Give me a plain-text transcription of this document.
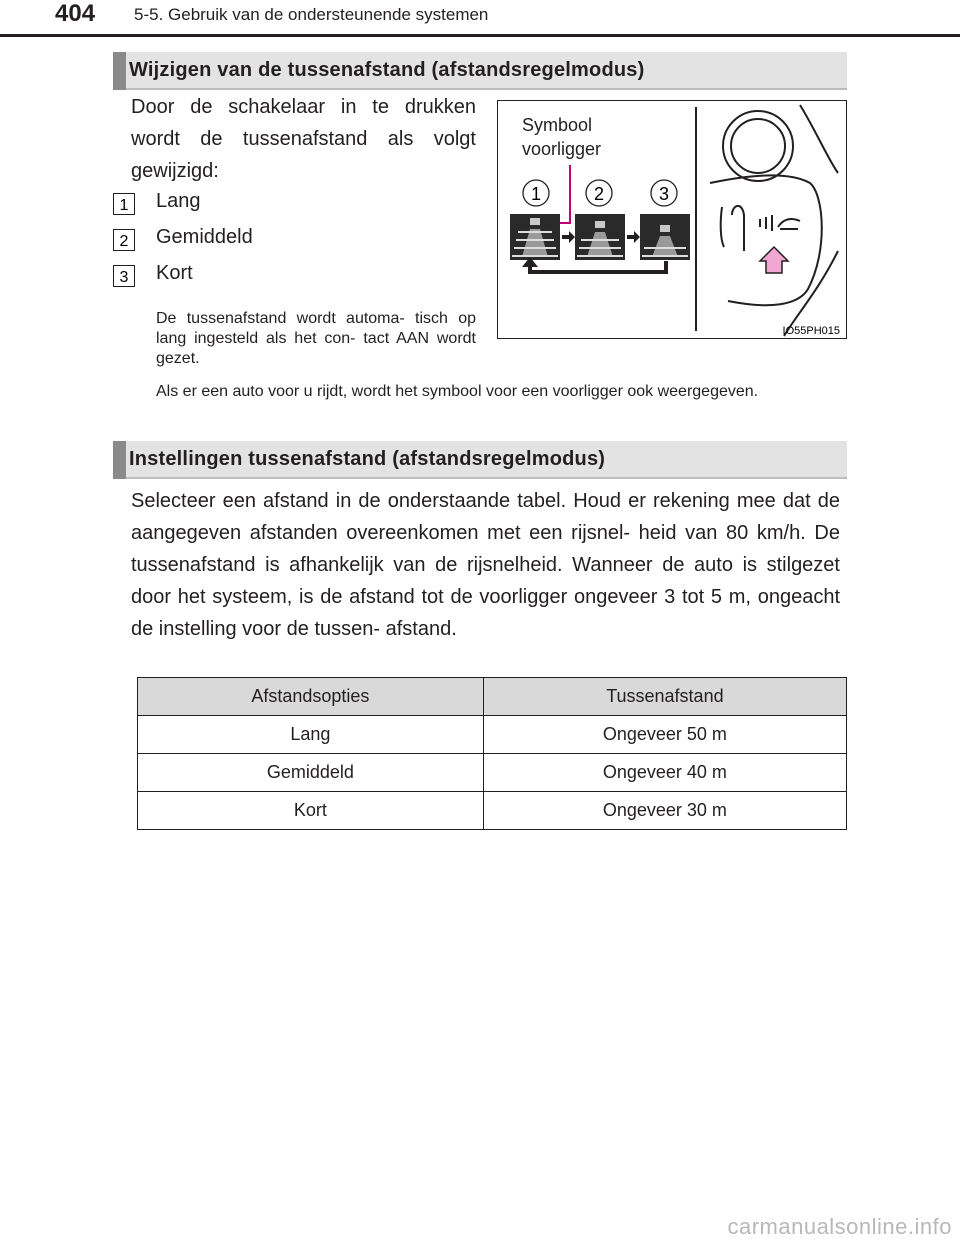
404 5-5. Gebruik van de ondersteunende systemen
Wijzigen van de tussenafstand (afstandsregelmodus)
Door de schakelaar in te drukken wordt de tussenafstand als volgt gewijzigd:
1 Lang
2 Gemiddeld
3 Kort
De tussenafstand wordt automa- tisch op lang ingesteld als het con- tact AAN wordt gezet.
Als er een auto voor u rijdt, wordt het symbool voor een voorligger ook weergegeven.
Symbool
voorligger
1	2	3
IO55PH015
Instellingen tussenafstand (afstandsregelmodus)
Selecteer een afstand in de onderstaande tabel. Houd er rekening mee dat de aangegeven afstanden overeenkomen met een rijsnel- heid van 80 km/h. De tussenafstand is afhankelijk van de rijsnelheid. Wanneer de auto is stilgezet door het systeem, is de afstand tot de voorligger ongeveer 3 tot 5 m, ongeacht de instelling voor de tussen- afstand.
Afstandsopties	Tussenafstand
Lang	Ongeveer 50 m
Gemiddeld	Ongeveer 40 m
Kort	Ongeveer 30 m
carmanualsonline.info
